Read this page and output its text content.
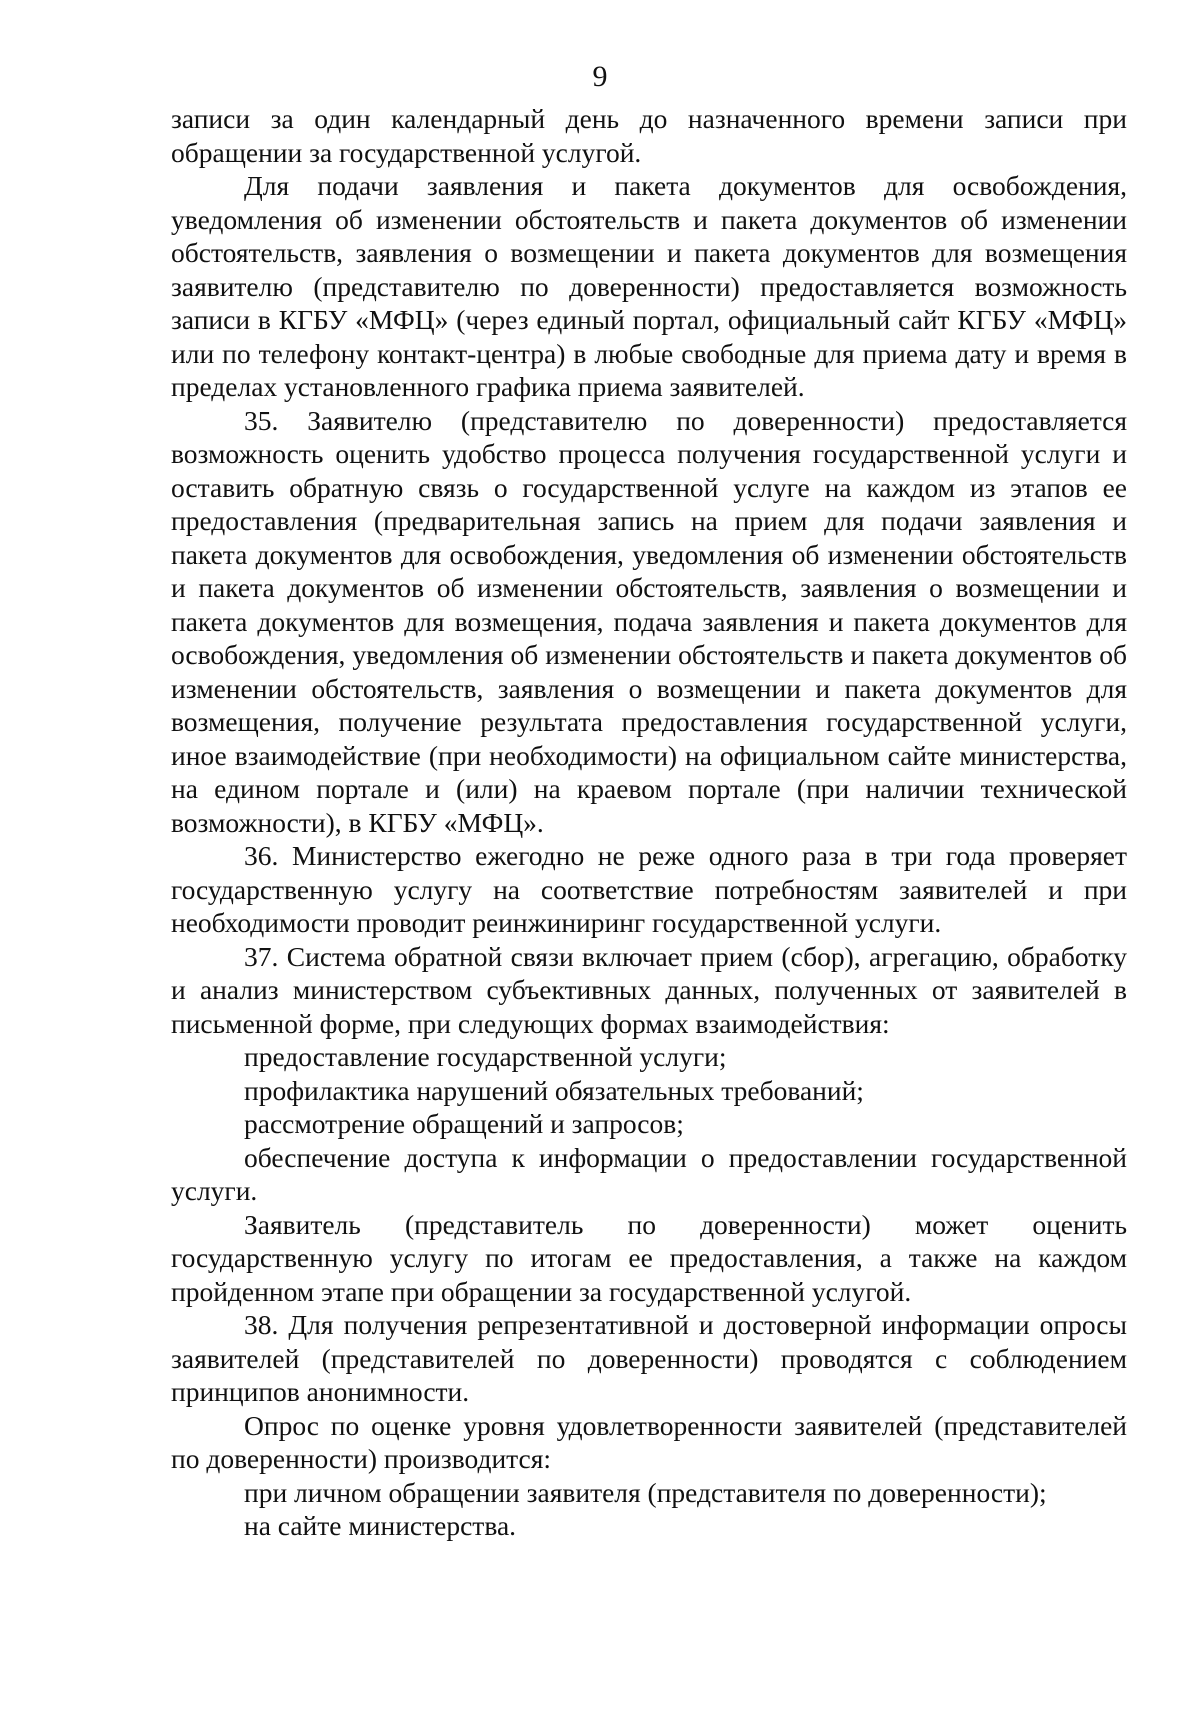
9

записи за один календарный день до назначенного времени записи при обращении за государственной услугой.

Для подачи заявления и пакета документов для освобождения, уведомления об изменении обстоятельств и пакета документов об изменении обстоятельств, заявления о возмещении и пакета документов для возмещения заявителю (представителю по доверенности) предоставляется возможность записи в КГБУ «МФЦ» (через единый портал, официальный сайт КГБУ «МФЦ» или по телефону контакт-центра) в любые свободные для приема дату и время в пределах установленного графика приема заявителей.

35. Заявителю (представителю по доверенности) предоставляется возможность оценить удобство процесса получения государственной услуги и оставить обратную связь о государственной услуге на каждом из этапов ее предоставления (предварительная запись на прием для подачи заявления и пакета документов для освобождения, уведомления об изменении обстоятельств и пакета документов об изменении обстоятельств, заявления о возмещении и пакета документов для возмещения, подача заявления и пакета документов для освобождения, уведомления об изменении обстоятельств и пакета документов об изменении обстоятельств, заявления о возмещении и пакета документов для возмещения, получение результата предоставления государственной услуги, иное взаимодействие (при необходимости) на официальном сайте министерства, на едином портале и (или) на краевом портале (при наличии технической возможности), в КГБУ «МФЦ».

36. Министерство ежегодно не реже одного раза в три года проверяет государственную услугу на соответствие потребностям заявителей и при необходимости проводит реинжиниринг государственной услуги.

37. Система обратной связи включает прием (сбор), агрегацию, обработку и анализ министерством субъективных данных, полученных от заявителей в письменной форме, при следующих формах взаимодействия:

предоставление государственной услуги;

профилактика нарушений обязательных требований;

рассмотрение обращений и запросов;

обеспечение доступа к информации о предоставлении государственной услуги.

Заявитель (представитель по доверенности) может оценить государственную услугу по итогам ее предоставления, а также на каждом пройденном этапе при обращении за государственной услугой.

38. Для получения репрезентативной и достоверной информации опросы заявителей (представителей по доверенности) проводятся с соблюдением принципов анонимности.

Опрос по оценке уровня удовлетворенности заявителей (представителей по доверенности) производится:

при личном обращении заявителя (представителя по доверенности);

на сайте министерства.
